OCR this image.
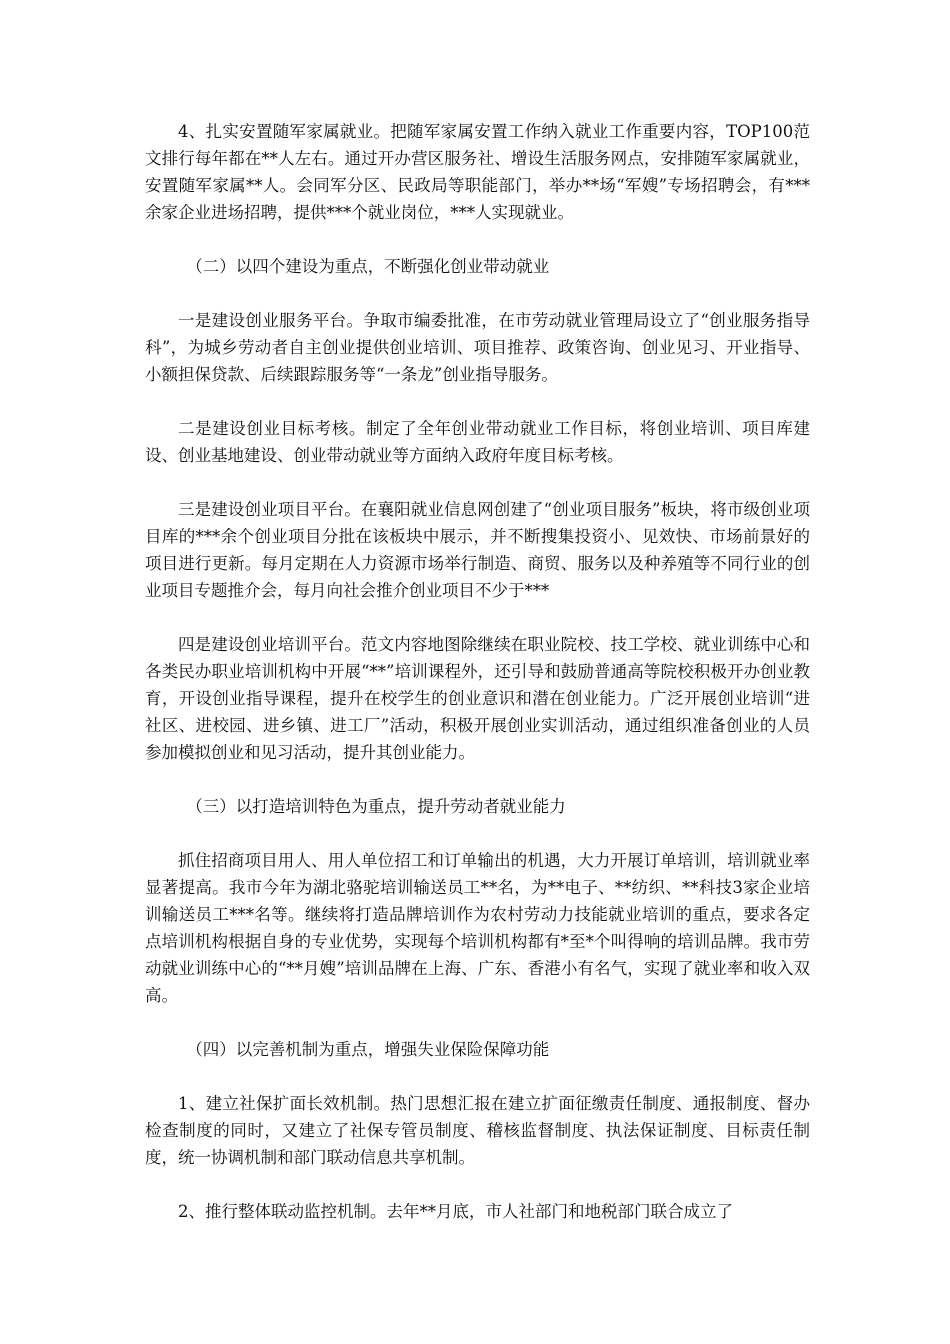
4、扎实安置随军家属就业。把随军家属安置工作纳入就业工作重要内容，TOP100范文排行每年都在**人左右。通过开办营区服务社、增设生活服务网点，安排随军家属就业，安置随军家属**人。会同军分区、民政局等职能部门，举办**场“军嫂”专场招聘会，有***余家企业进场招聘，提供***个就业岗位，***人实现就业。

（二）以四个建设为重点，不断强化创业带动就业

一是建设创业服务平台。争取市编委批准，在市劳动就业管理局设立了“创业服务指导科”，为城乡劳动者自主创业提供创业培训、项目推荐、政策咨询、创业见习、开业指导、小额担保贷款、后续跟踪服务等“一条龙”创业指导服务。

二是建设创业目标考核。制定了全年创业带动就业工作目标，将创业培训、项目库建设、创业基地建设、创业带动就业等方面纳入政府年度目标考核。

三是建设创业项目平台。在襄阳就业信息网创建了“创业项目服务”板块，将市级创业项目库的***余个创业项目分批在该板块中展示，并不断搜集投资小、见效快、市场前景好的项目进行更新。每月定期在人力资源市场举行制造、商贸、服务以及种养殖等不同行业的创业项目专题推介会，每月向社会推介创业项目不少于***

四是建设创业培训平台。范文内容地图除继续在职业院校、技工学校、就业训练中心和各类民办职业培训机构中开展“**”培训课程外，还引导和鼓励普通高等院校积极开办创业教育，开设创业指导课程，提升在校学生的创业意识和潜在创业能力。广泛开展创业培训“进社区、进校园、进乡镇、进工厂”活动，积极开展创业实训活动，通过组织准备创业的人员参加模拟创业和见习活动，提升其创业能力。

（三）以打造培训特色为重点，提升劳动者就业能力

抓住招商项目用人、用人单位招工和订单输出的机遇，大力开展订单培训，培训就业率显著提高。我市今年为湖北骆驼培训输送员工**名，为**电子、**纺织、**科技3家企业培训输送员工***名等。继续将打造品牌培训作为农村劳动力技能就业培训的重点，要求各定点培训机构根据自身的专业优势，实现每个培训机构都有*至*个叫得响的培训品牌。我市劳动就业训练中心的“**月嫂”培训品牌在上海、广东、香港小有名气，实现了就业率和收入双高。

（四）以完善机制为重点，增强失业保险保障功能

1、建立社保扩面长效机制。热门思想汇报在建立扩面征缴责任制度、通报制度、督办检查制度的同时，又建立了社保专管员制度、稽核监督制度、执法保证制度、目标责任制度，统一协调机制和部门联动信息共享机制。

2、推行整体联动监控机制。去年**月底，市人社部门和地税部门联合成立了
